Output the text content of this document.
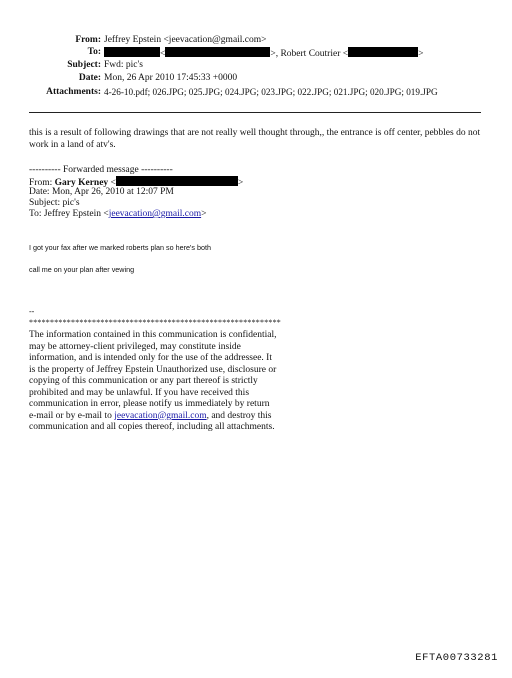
From: Jeffrey Epstein <jeevacation@gmail.com>
To:	<	>, Robert Coutrier <	>
Subject: Fwd: pic's
Date: Mon, 26 Apr 2010 17:45:33 +0000
Attachments: 4-26-10.pdf; 026.JPG; 025.JPG; 024.JPG; 023.JPG; 022.JPG; 021.JPG; 020.JPG; 019.JPG
this is a result of following drawings that are not really well thought through,, the entrance is off center, pebbles do not work in a land of atv's.
---------- Forwarded message ----------
From: Gary Kerney <	>
Date: Mon, Apr 26, 2010 at 12:07 PM
Subject: pic's
To: Jeffrey Epstein <jeevacation@gmail.com>
I got your fax after we marked roberts plan so here's both
call me on your plan after vewing
--
************************************************************
The information contained in this communication is confidential, may be attorney-client privileged, may constitute inside information, and is intended only for the use of the addressee. It is the property of Jeffrey Epstein Unauthorized use, disclosure or copying of this communication or any part thereof is strictly prohibited and may be unlawful. If you have received this communication in error, please notify us immediately by return e-mail or by e-mail to jeevacation@gmail.com, and destroy this communication and all copies thereof, including all attachments.
EFTA00733281
